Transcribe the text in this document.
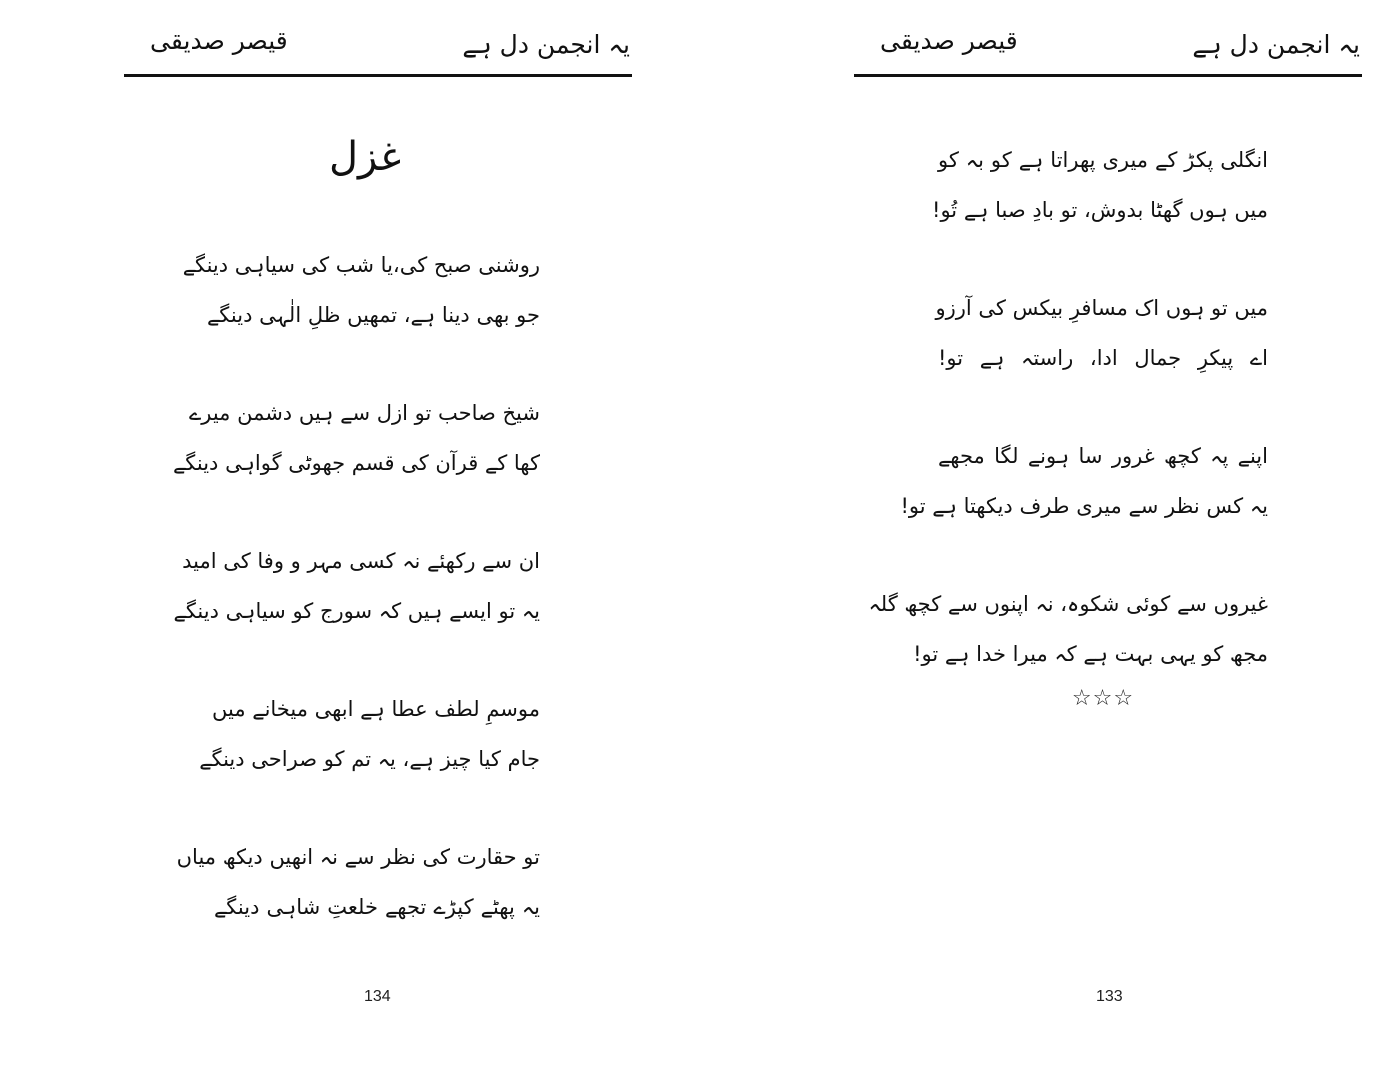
یہ انجمن دل ہے
قیصر صدیقی
غزل
روشنی صبح کی،یا شب کی سیاہی دینگے
جو بھی دینا ہے، تمھیں ظلِ الٰہی دینگے
شیخ صاحب تو ازل سے ہیں دشمن میرے
کھا کے قرآن کی قسم جھوٹی گواہی دینگے
ان سے رکھئے نہ کسی مہر و وفا کی امید
یہ تو ایسے ہیں کہ سورج کو سیاہی دینگے
موسمِ لطف عطا ہے ابھی میخانے میں
جام کیا چیز ہے، یہ تم کو صراحی دینگے
تو حقارت کی نظر سے نہ انھیں دیکھ میاں
یہ پھٹے کپڑے تجھے خلعتِ شاہی دینگے
134
یہ انجمن دل ہے
قیصر صدیقی
انگلی پکڑ کے میری پھراتا ہے کو بہ کو
میں ہوں گھٹا بدوش، تو بادِ صبا ہے تُو!
میں تو ہوں اک مسافرِ بیکس کی آرزو
اے پیکرِ جمال ادا، راستہ ہے تو!
اپنے پہ کچھ غرور سا ہونے لگا مجھے
یہ کس نظر سے میری طرف دیکھتا ہے تو!
غیروں سے کوئی شکوہ، نہ اپنوں سے کچھ گلہ
مجھ کو یہی بہت ہے کہ میرا خدا ہے تو!
☆☆☆
133
